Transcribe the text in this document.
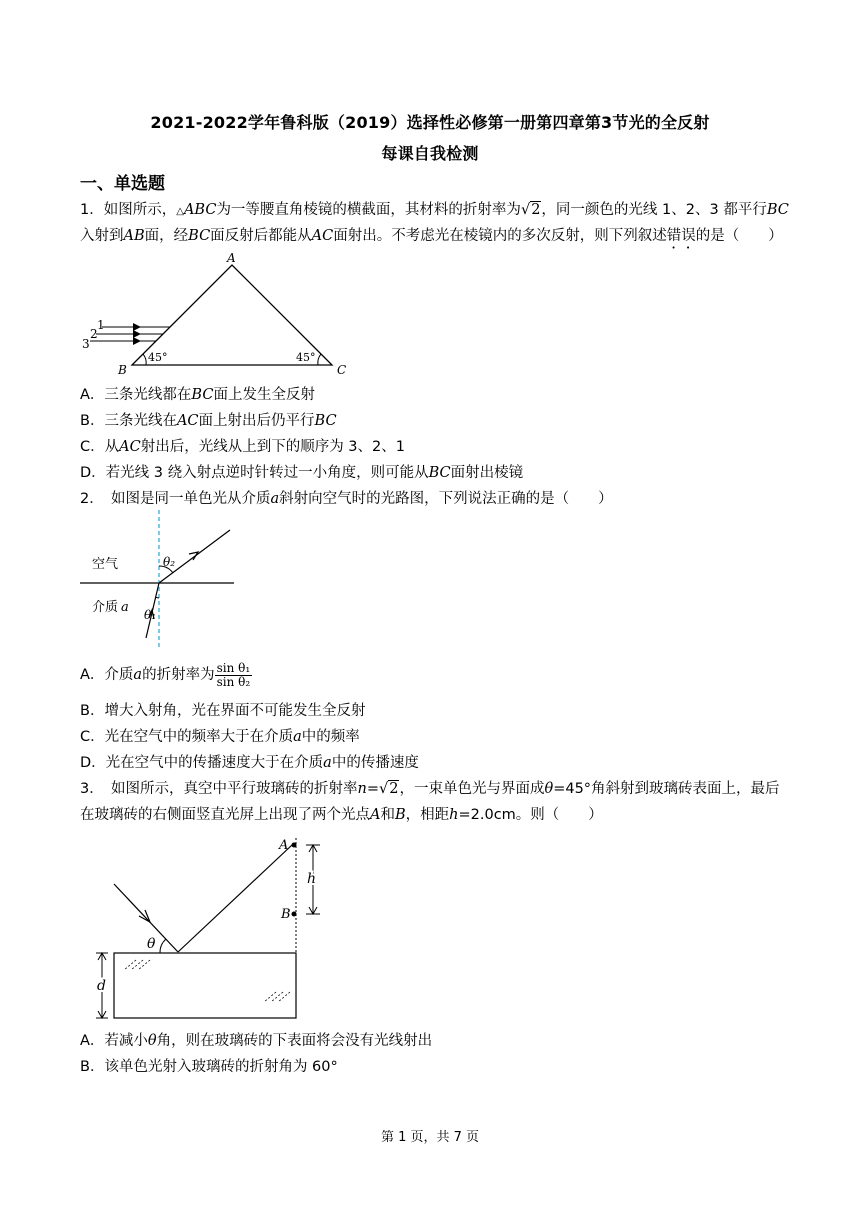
2021-2022学年鲁科版（2019）选择性必修第一册第四章第3节光的全反射
每课自我检测
一、单选题
1．如图所示，△ABC为一等腰直角棱镜的横截面，其材料的折射率为√2，同一颜色的光线 1、2、3 都平行BC
入射到AB面，经BC面反射后都能从AC面射出。不考虑光在棱镜内的多次反射，则下列叙述错误的是（　　）
A
B	C
45°	45°
1
2
3
A．三条光线都在BC面上发生全反射
B．三条光线在AC面上射出后仍平行BC
C．从AC射出后，光线从上到下的顺序为 3、2、1
D．若光线 3 绕入射点逆时针转过一小角度，则可能从BC面射出棱镜
2．　如图是同一单色光从介质a斜射向空气时的光路图，下列说法正确的是（　　）
θ₂
θ₁
空气
介质 a
A．介质a的折射率为 $\frac{\text{sin θ₁}}{\text{sin θ₂}}$
B．增大入射角，光在界面不可能发生全反射
C．光在空气中的频率大于在介质a中的频率
D．光在空气中的传播速度大于在介质a中的传播速度
3．　如图所示，真空中平行玻璃砖的折射率n=√2，一束单色光与界面成θ=45°角斜射到玻璃砖表面上，最后
在玻璃砖的右侧面竖直光屏上出现了两个光点A和B，相距h=2.0cm。则（　　）
A
B
h
θ
d
A．若减小θ角，则在玻璃砖的下表面将会没有光线射出
B．该单色光射入玻璃砖的折射角为 60°
第 1 页，共 7 页
